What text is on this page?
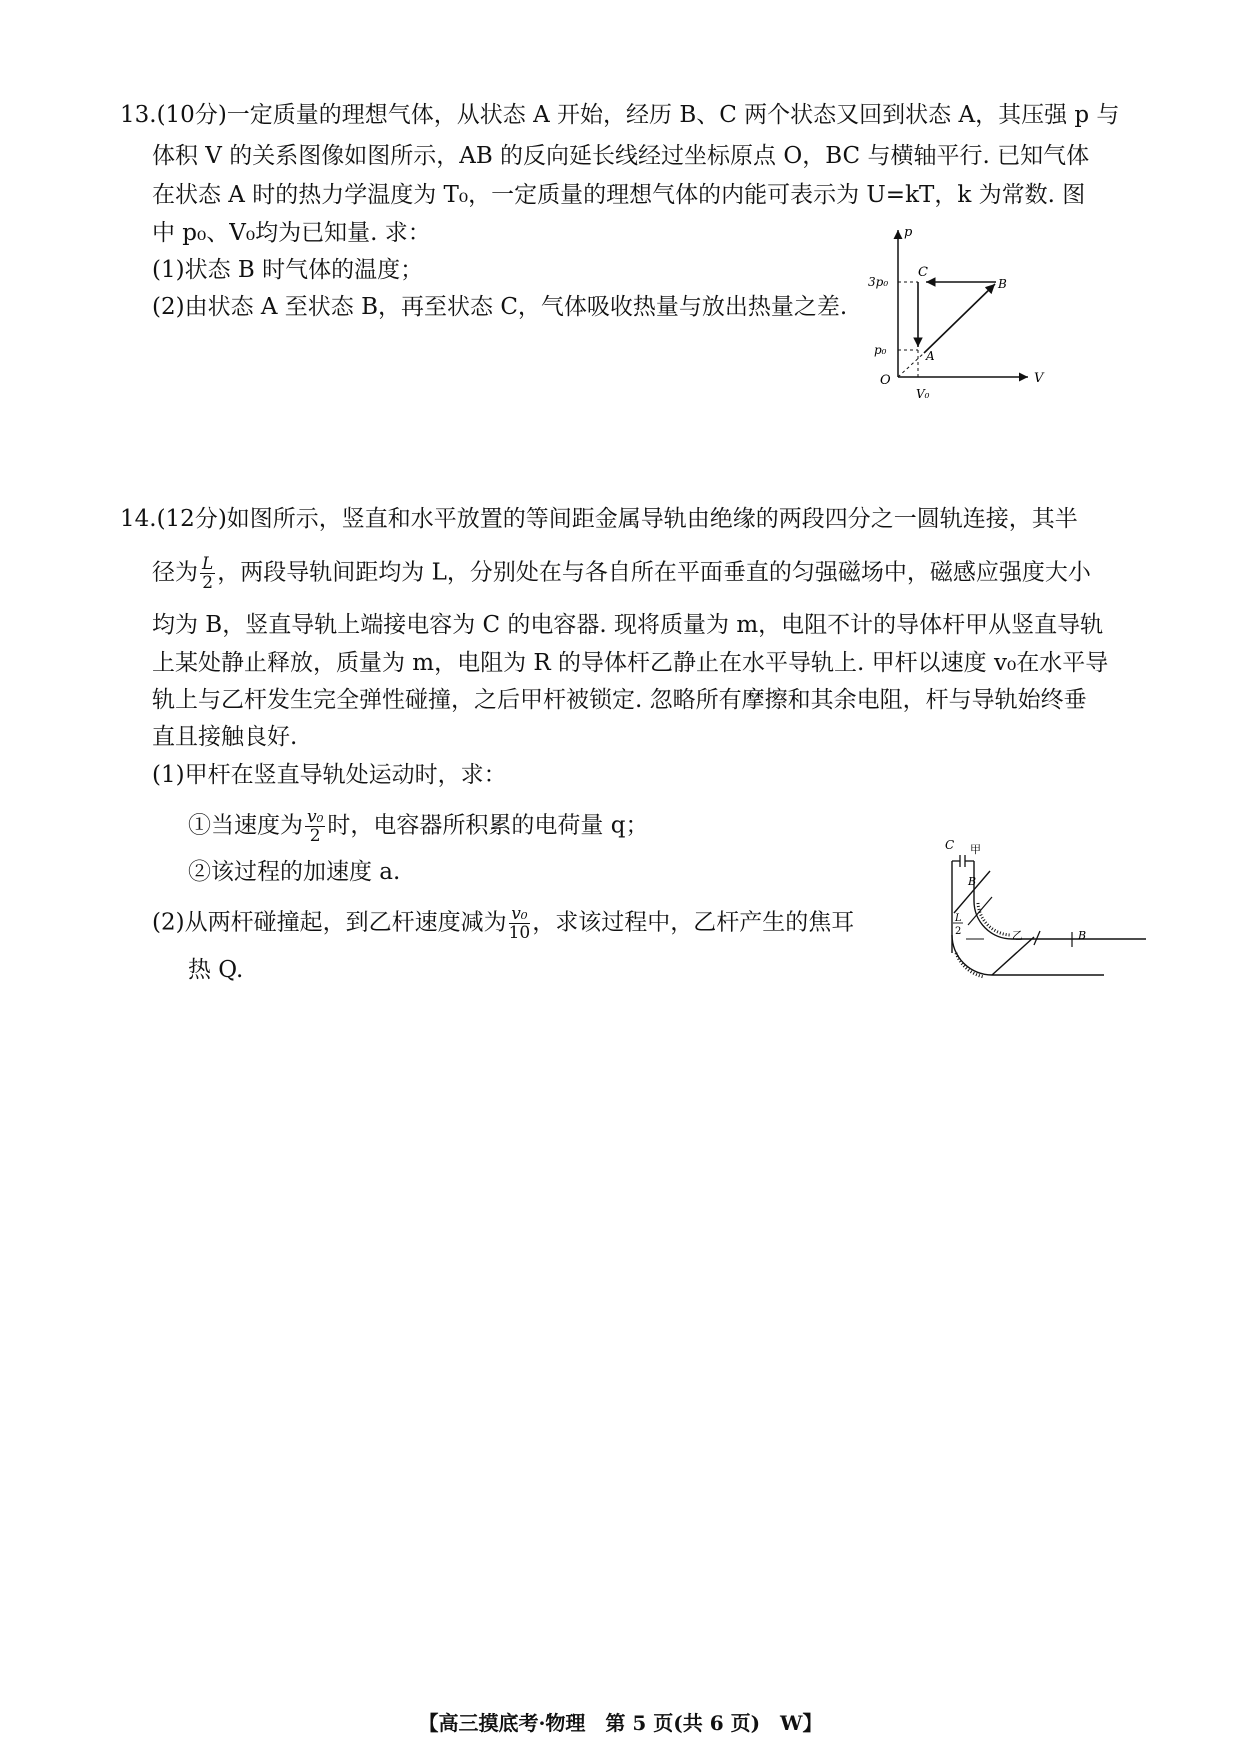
13.(10分)一定质量的理想气体，从状态 A 开始，经历 B、C 两个状态又回到状态 A，其压强 p 与
体积 V 的关系图像如图所示，AB 的反向延长线经过坐标原点 O，BC 与横轴平行. 已知气体
在状态 A 时的热力学温度为 T₀，一定质量的理想气体的内能可表示为 U=kT，k 为常数. 图
中 p₀、V₀均为已知量. 求：
(1)状态 B 时气体的温度；
(2)由状态 A 至状态 B，再至状态 C，气体吸收热量与放出热量之差.
p
V
O
3p₀
p₀
V₀
A
B
C
14.(12分)如图所示，竖直和水平放置的等间距金属导轨由绝缘的两段四分之一圆轨连接，其半
径为 $\frac{L}{2}$ ，两段导轨间距均为 L，分别处在与各自所在平面垂直的匀强磁场中，磁感应强度大小
均为 B，竖直导轨上端接电容为 C 的电容器. 现将质量为 m，电阻不计的导体杆甲从竖直导轨
上某处静止释放，质量为 m，电阻为 R 的导体杆乙静止在水平导轨上. 甲杆以速度 v₀在水平导
轨上与乙杆发生完全弹性碰撞，之后甲杆被锁定. 忽略所有摩擦和其余电阻，杆与导轨始终垂
直且接触良好.
(1)甲杆在竖直导轨处运动时，求：
①当速度为 $\frac{\text{v₀}}{2}$ 时，电容器所积累的电荷量 q；
②该过程的加速度 a.
(2)从两杆碰撞起，到乙杆速度减为 $\frac{\text{v₀}}{10}$ ，求该过程中，乙杆产生的焦耳
热 Q.
C 甲
B
乙	B
L
2
【高三摸底考·物理　第 5 页(共 6 页)　W】
